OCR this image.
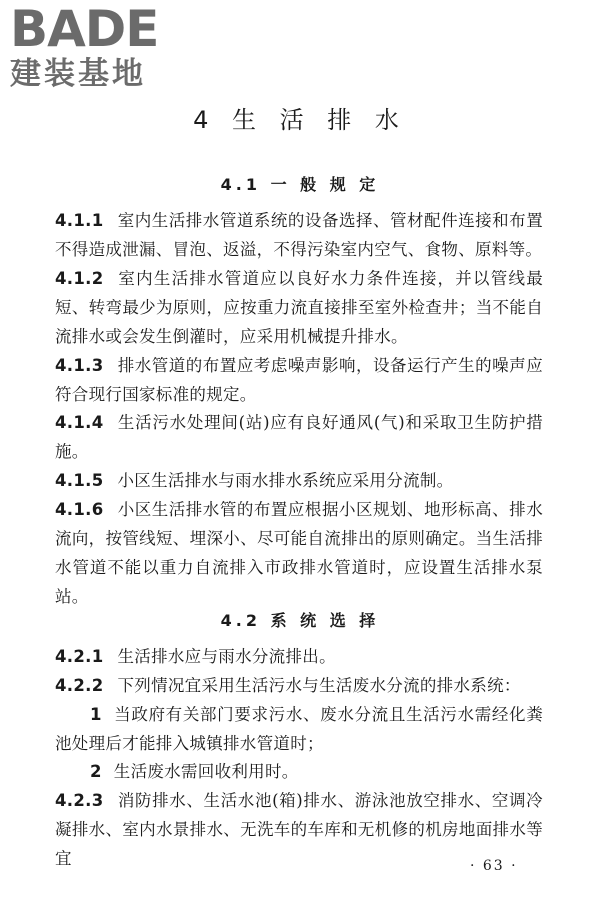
BADE
建装基地
4 生 活 排 水
4.1 一 般 规 定
4.1.1 室内生活排水管道系统的设备选择、管材配件连接和布置不得造成泄漏、冒泡、返溢，不得污染室内空气、食物、原料等。
4.1.2 室内生活排水管道应以良好水力条件连接，并以管线最短、转弯最少为原则，应按重力流直接排至室外检查井；当不能自流排水或会发生倒灌时，应采用机械提升排水。
4.1.3 排水管道的布置应考虑噪声影响，设备运行产生的噪声应符合现行国家标准的规定。
4.1.4 生活污水处理间(站)应有良好通风(气)和采取卫生防护措施。
4.1.5 小区生活排水与雨水排水系统应采用分流制。
4.1.6 小区生活排水管的布置应根据小区规划、地形标高、排水流向，按管线短、埋深小、尽可能自流排出的原则确定。当生活排水管道不能以重力自流排入市政排水管道时，应设置生活排水泵站。
4.2 系 统 选 择
4.2.1 生活排水应与雨水分流排出。
4.2.2 下列情况宜采用生活污水与生活废水分流的排水系统：
1 当政府有关部门要求污水、废水分流且生活污水需经化粪池处理后才能排入城镇排水管道时；
2 生活废水需回收利用时。
4.2.3 消防排水、生活水池(箱)排水、游泳池放空排水、空调冷凝排水、室内水景排水、无洗车的车库和无机修的机房地面排水等宜	· 63 ·
